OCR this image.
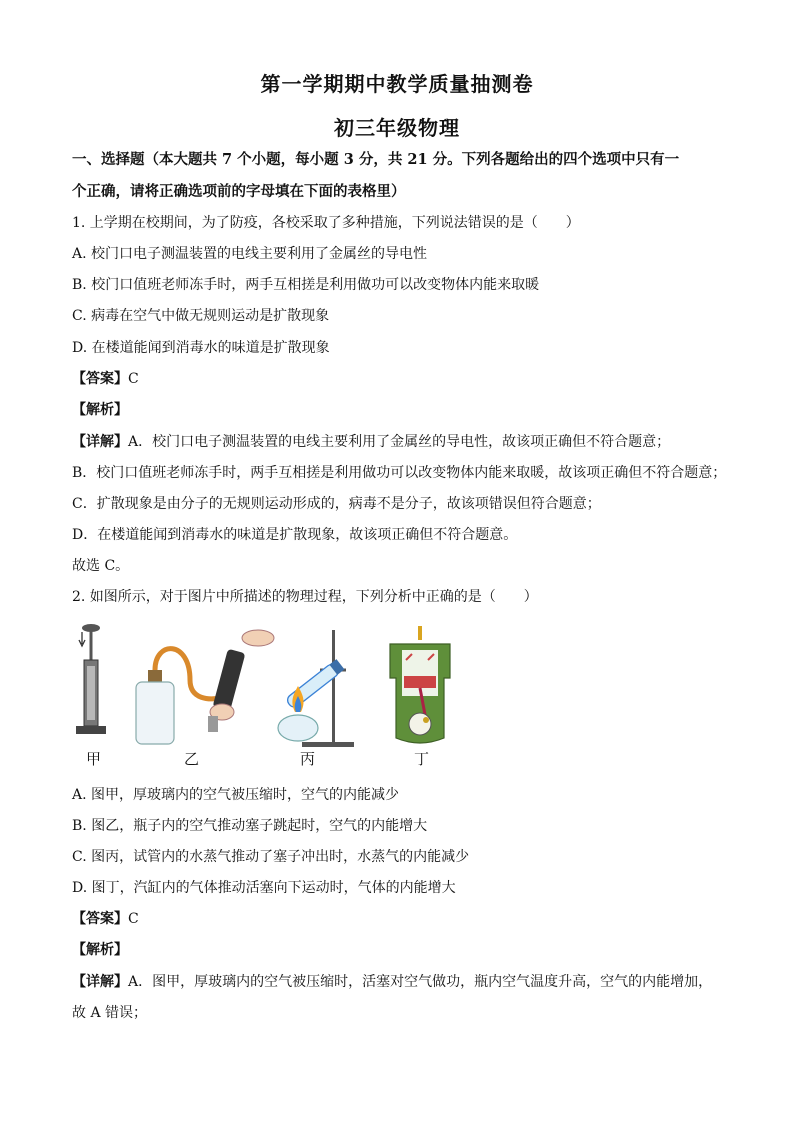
第一学期期中教学质量抽测卷
初三年级物理
一、选择题（本大题共 7 个小题，每小题 3 分，共 21 分。下列各题给出的四个选项中只有一
个正确，请将正确选项前的字母填在下面的表格里）
1. 上学期在校期间，为了防疫，各校采取了多种措施，下列说法错误的是（　　）
A. 校门口电子测温装置的电线主要利用了金属丝的导电性
B. 校门口值班老师冻手时，两手互相搓是利用做功可以改变物体内能来取暖
C. 病毒在空气中做无规则运动是扩散现象
D. 在楼道能闻到消毒水的味道是扩散现象
【答案】C
【解析】
【详解】A．校门口电子测温装置的电线主要利用了金属丝的导电性，故该项正确但不符合题意；
B．校门口值班老师冻手时，两手互相搓是利用做功可以改变物体内能来取暖，故该项正确但不符合题意；
C．扩散现象是由分子的无规则运动形成的，病毒不是分子，故该项错误但符合题意；
D．在楼道能闻到消毒水的味道是扩散现象，故该项正确但不符合题意。
故选 C。
2. 如图所示，对于图片中所描述的物理过程，下列分析中正确的是（　　）
甲	乙	丙	丁
A. 图甲，厚玻璃内的空气被压缩时，空气的内能减少
B. 图乙，瓶子内的空气推动塞子跳起时，空气的内能增大
C. 图丙，试管内的水蒸气推动了塞子冲出时，水蒸气的内能减少
D. 图丁，汽缸内的气体推动活塞向下运动时，气体的内能增大
【答案】C
【解析】
【详解】A．图甲，厚玻璃内的空气被压缩时，活塞对空气做功，瓶内空气温度升高，空气的内能增加，
故 A 错误；
